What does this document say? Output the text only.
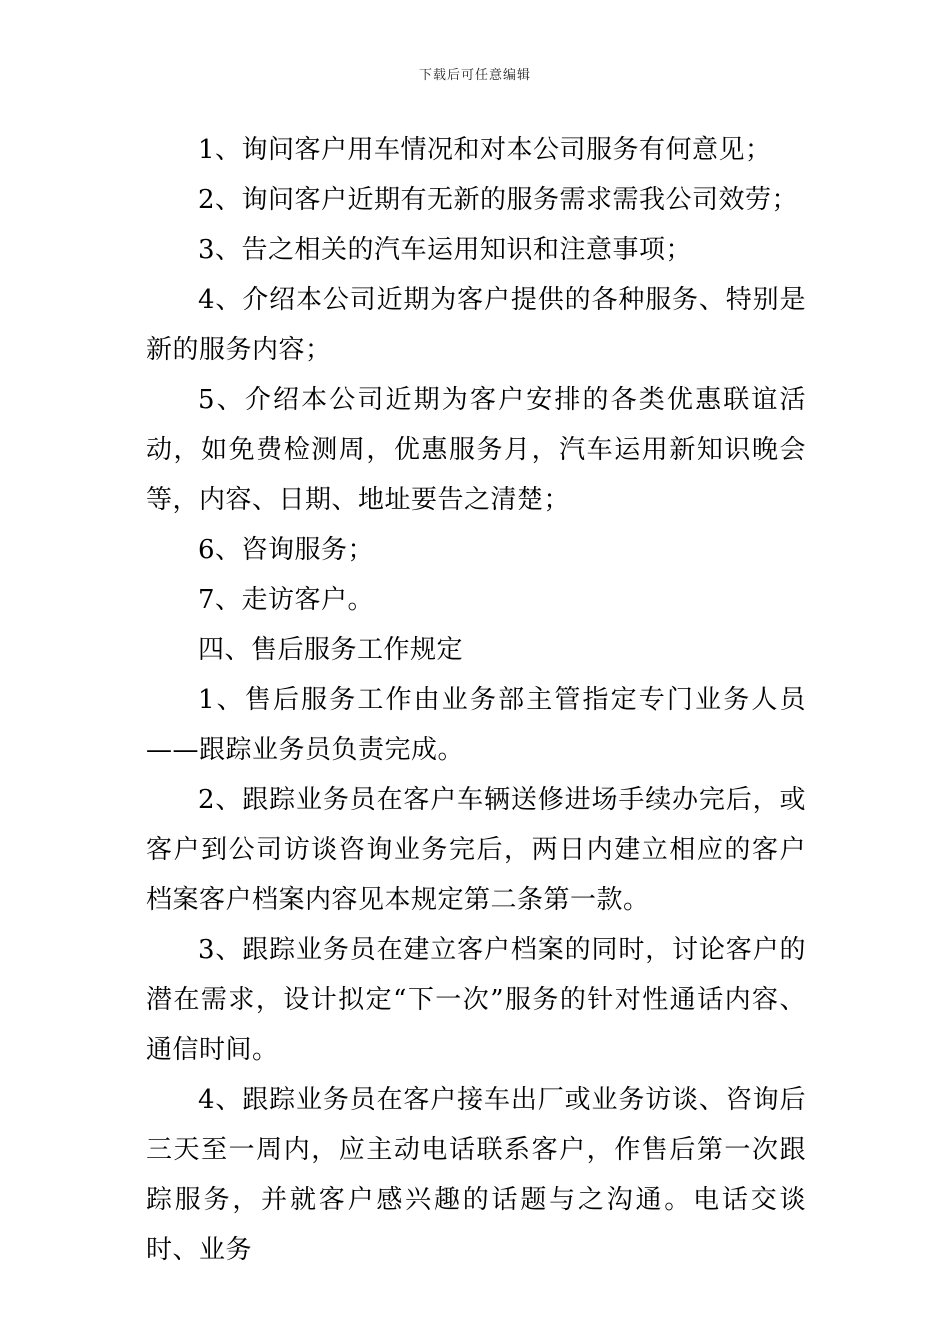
下载后可任意编辑

1、询问客户用车情况和对本公司服务有何意见；

2、询问客户近期有无新的服务需求需我公司效劳；

3、告之相关的汽车运用知识和注意事项；

4、介绍本公司近期为客户提供的各种服务、特别是新的服务内容；

5、介绍本公司近期为客户安排的各类优惠联谊活动，如免费检测周，优惠服务月，汽车运用新知识晚会等，内容、日期、地址要告之清楚；

6、咨询服务；

7、走访客户。

四、售后服务工作规定

1、售后服务工作由业务部主管指定专门业务人员——跟踪业务员负责完成。

2、跟踪业务员在客户车辆送修进场手续办完后，或客户到公司访谈咨询业务完后，两日内建立相应的客户档案客户档案内容见本规定第二条第一款。

3、跟踪业务员在建立客户档案的同时，讨论客户的潜在需求，设计拟定“下一次”服务的针对性通话内容、通信时间。

4、跟踪业务员在客户接车出厂或业务访谈、咨询后三天至一周内，应主动电话联系客户，作售后第一次跟踪服务，并就客户感兴趣的话题与之沟通。电话交谈时、业务
